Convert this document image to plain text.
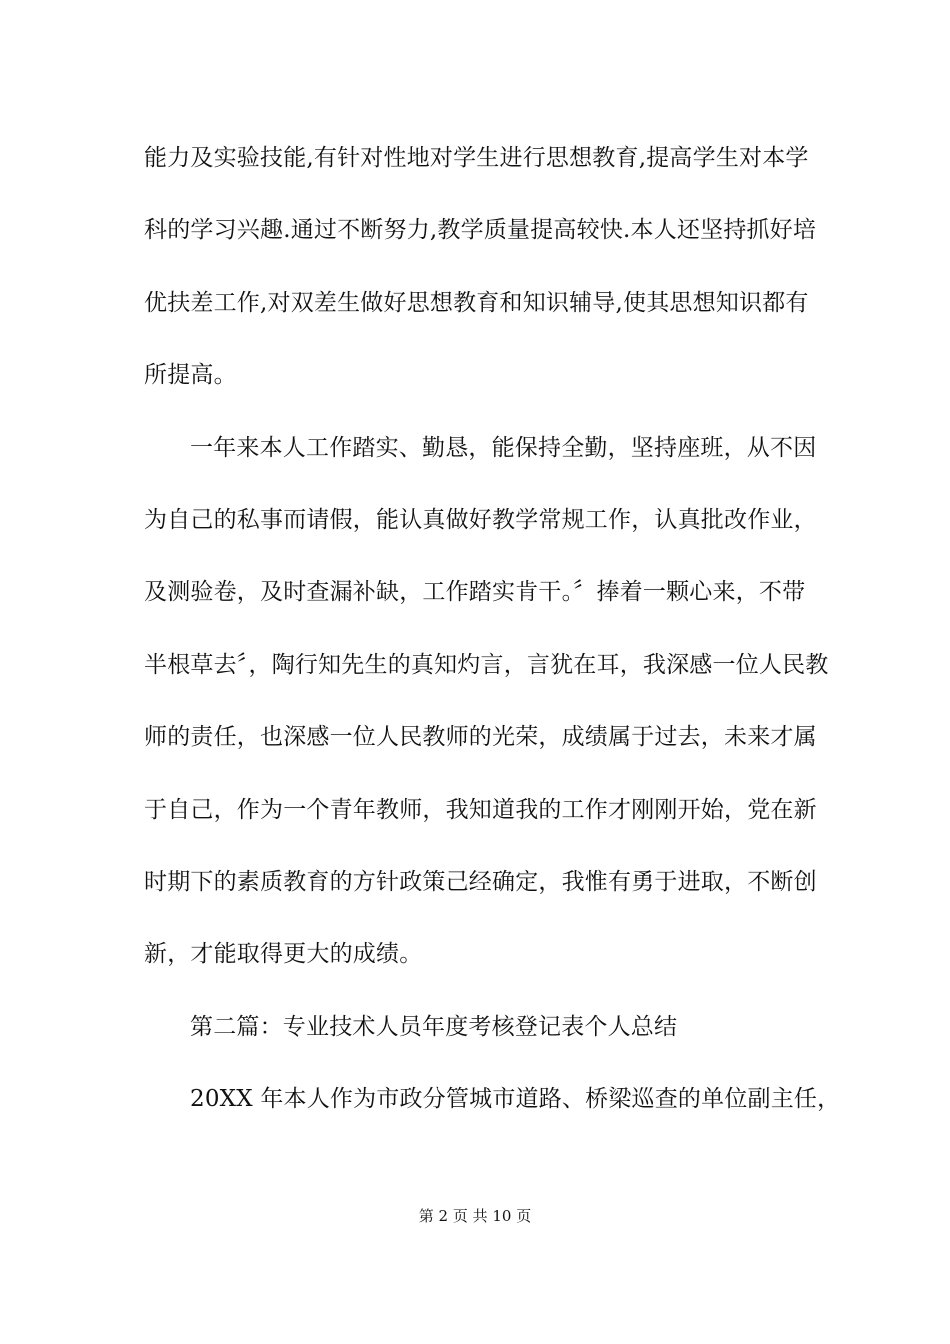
能力及实验技能,有针对性地对学生进行思想教育,提高学生对本学
科的学习兴趣.通过不断努力,教学质量提高较快.本人还坚持抓好培
优扶差工作,对双差生做好思想教育和知识辅导,使其思想知识都有
所提高。
一年来本人工作踏实、勤恳，能保持全勤，坚持座班，从不因
为自己的私事而请假，能认真做好教学常规工作，认真批改作业，
及测验卷，及时查漏补缺，工作踏实肯干。〞捧着一颗心来，不带
半根草去〞，陶行知先生的真知灼言，言犹在耳，我深感一位人民教
师的责任，也深感一位人民教师的光荣，成绩属于过去，未来才属
于自己，作为一个青年教师，我知道我的工作才刚刚开始，党在新
时期下的素质教育的方针政策己经确定，我惟有勇于进取，不断创
新，才能取得更大的成绩。
第二篇：专业技术人员年度考核登记表个人总结
20XX 年本人作为市政分管城市道路、桥梁巡查的单位副主任，
第 2 页 共 10 页
